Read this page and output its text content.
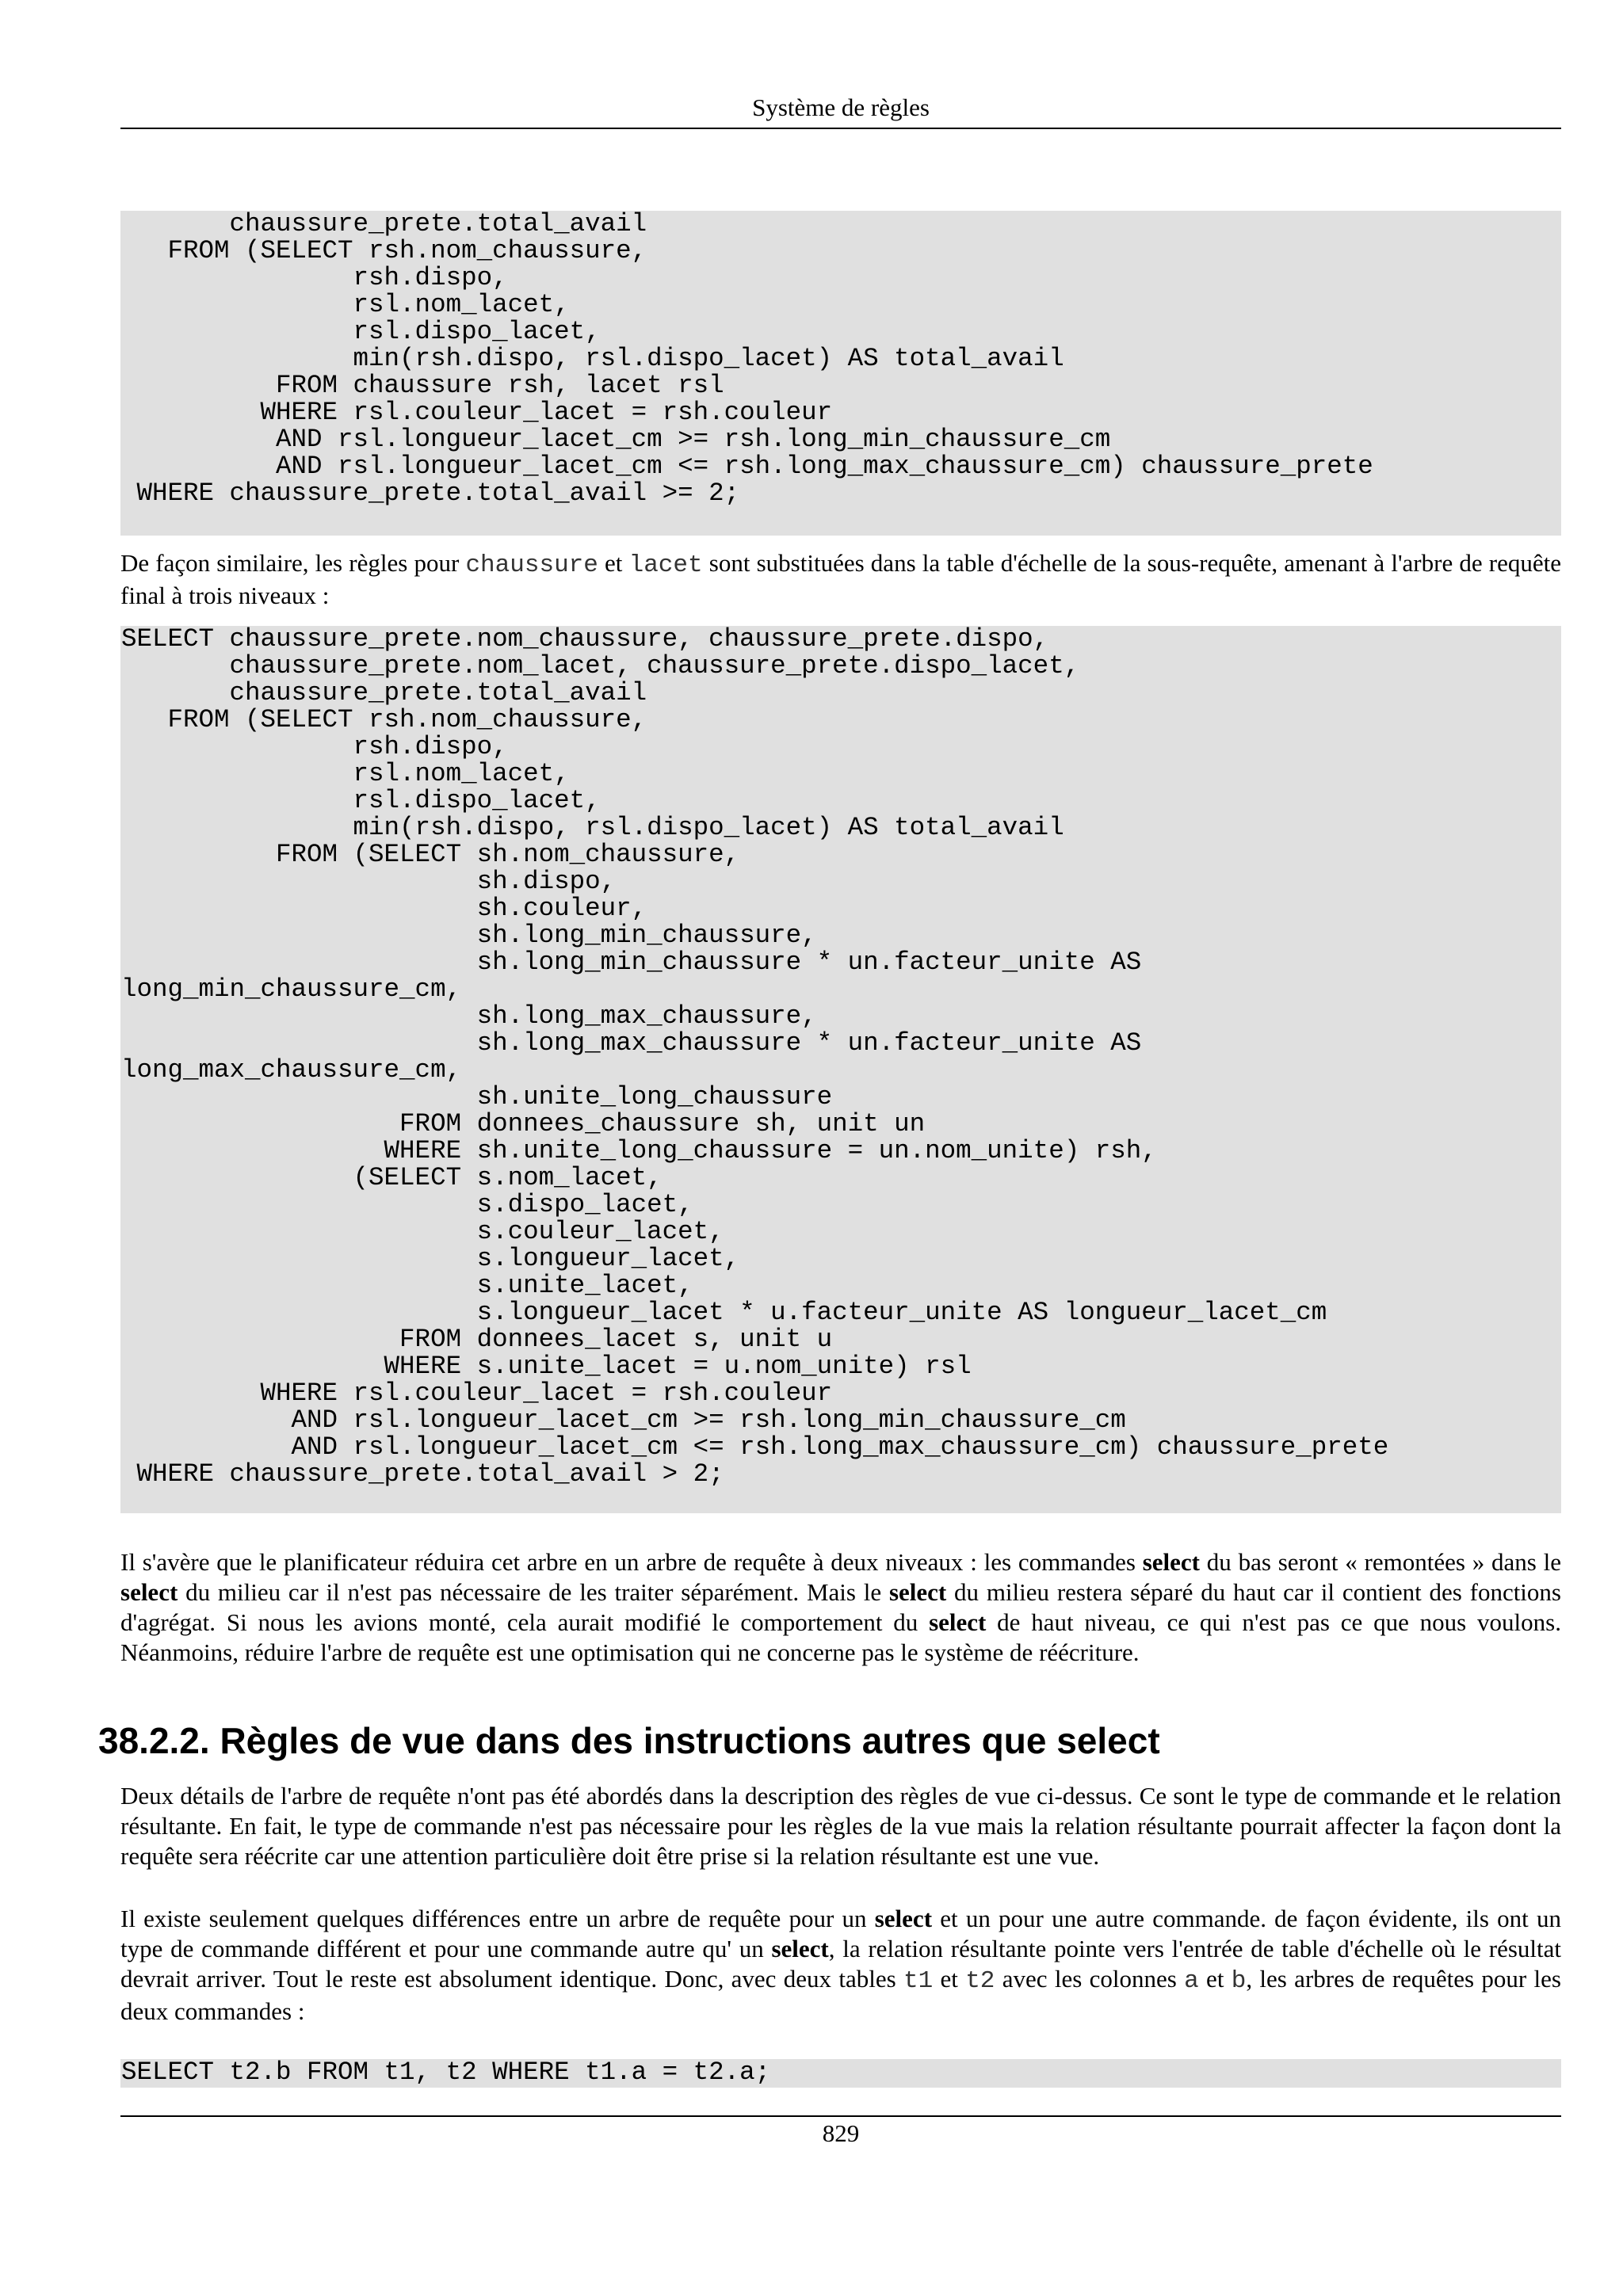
Système de règles
chaussure_prete.total_avail
FROM (SELECT rsh.nom_chaussure,
rsh.dispo,
rsl.nom_lacet,
rsl.dispo_lacet,
min(rsh.dispo, rsl.dispo_lacet) AS total_avail
FROM chaussure rsh, lacet rsl
WHERE rsl.couleur_lacet = rsh.couleur
AND rsl.longueur_lacet_cm >= rsh.long_min_chaussure_cm
AND rsl.longueur_lacet_cm <= rsh.long_max_chaussure_cm) chaussure_prete
WHERE chaussure_prete.total_avail >= 2;

De façon similaire, les règles pour chaussure et lacet sont substituées dans la table d'échelle de la sous-requête, amenant à l'arbre de requête final à trois niveaux :

SELECT chaussure_prete.nom_chaussure, chaussure_prete.dispo,
chaussure_prete.nom_lacet, chaussure_prete.dispo_lacet,
chaussure_prete.total_avail
FROM (SELECT rsh.nom_chaussure,
rsh.dispo,
rsl.nom_lacet,
rsl.dispo_lacet,
min(rsh.dispo, rsl.dispo_lacet) AS total_avail
FROM (SELECT sh.nom_chaussure,
sh.dispo,
sh.couleur,
sh.long_min_chaussure,
sh.long_min_chaussure * un.facteur_unite AS
long_min_chaussure_cm,
sh.long_max_chaussure,
sh.long_max_chaussure * un.facteur_unite AS
long_max_chaussure_cm,
sh.unite_long_chaussure
FROM donnees_chaussure sh, unit un
WHERE sh.unite_long_chaussure = un.nom_unite) rsh,
(SELECT s.nom_lacet,
s.dispo_lacet,
s.couleur_lacet,
s.longueur_lacet,
s.unite_lacet,
s.longueur_lacet * u.facteur_unite AS longueur_lacet_cm
FROM donnees_lacet s, unit u
WHERE s.unite_lacet = u.nom_unite) rsl
WHERE rsl.couleur_lacet = rsh.couleur
AND rsl.longueur_lacet_cm >= rsh.long_min_chaussure_cm
AND rsl.longueur_lacet_cm <= rsh.long_max_chaussure_cm) chaussure_prete
WHERE chaussure_prete.total_avail > 2;

Il s'avère que le planificateur réduira cet arbre en un arbre de requête à deux niveaux : les commandes select du bas seront « remontées » dans le select du milieu car il n'est pas nécessaire de les traiter séparément. Mais le select du milieu restera séparé du haut car il contient des fonctions d'agrégat. Si nous les avions monté, cela aurait modifié le comportement du select de haut niveau, ce qui n'est pas ce que nous voulons. Néanmoins, réduire l'arbre de requête est une optimisation qui ne concerne pas le système de réécriture.

38.2.2. Règles de vue dans des instructions autres que select

Deux détails de l'arbre de requête n'ont pas été abordés dans la description des règles de vue ci-dessus. Ce sont le type de commande et le relation résultante. En fait, le type de commande n'est pas nécessaire pour les règles de la vue mais la relation résultante pourrait affecter la façon dont la requête sera réécrite car une attention particulière doit être prise si la relation résultante est une vue.

Il existe seulement quelques différences entre un arbre de requête pour un select et un pour une autre commande. de façon évidente, ils ont un type de commande différent et pour une commande autre qu' un select, la relation résultante pointe vers l'entrée de table d'échelle où le résultat devrait arriver. Tout le reste est absolument identique. Donc, avec deux tables t1 et t2 avec les colonnes a et b, les arbres de requêtes pour les deux commandes :

SELECT t2.b FROM t1, t2 WHERE t1.a = t2.a;
829
